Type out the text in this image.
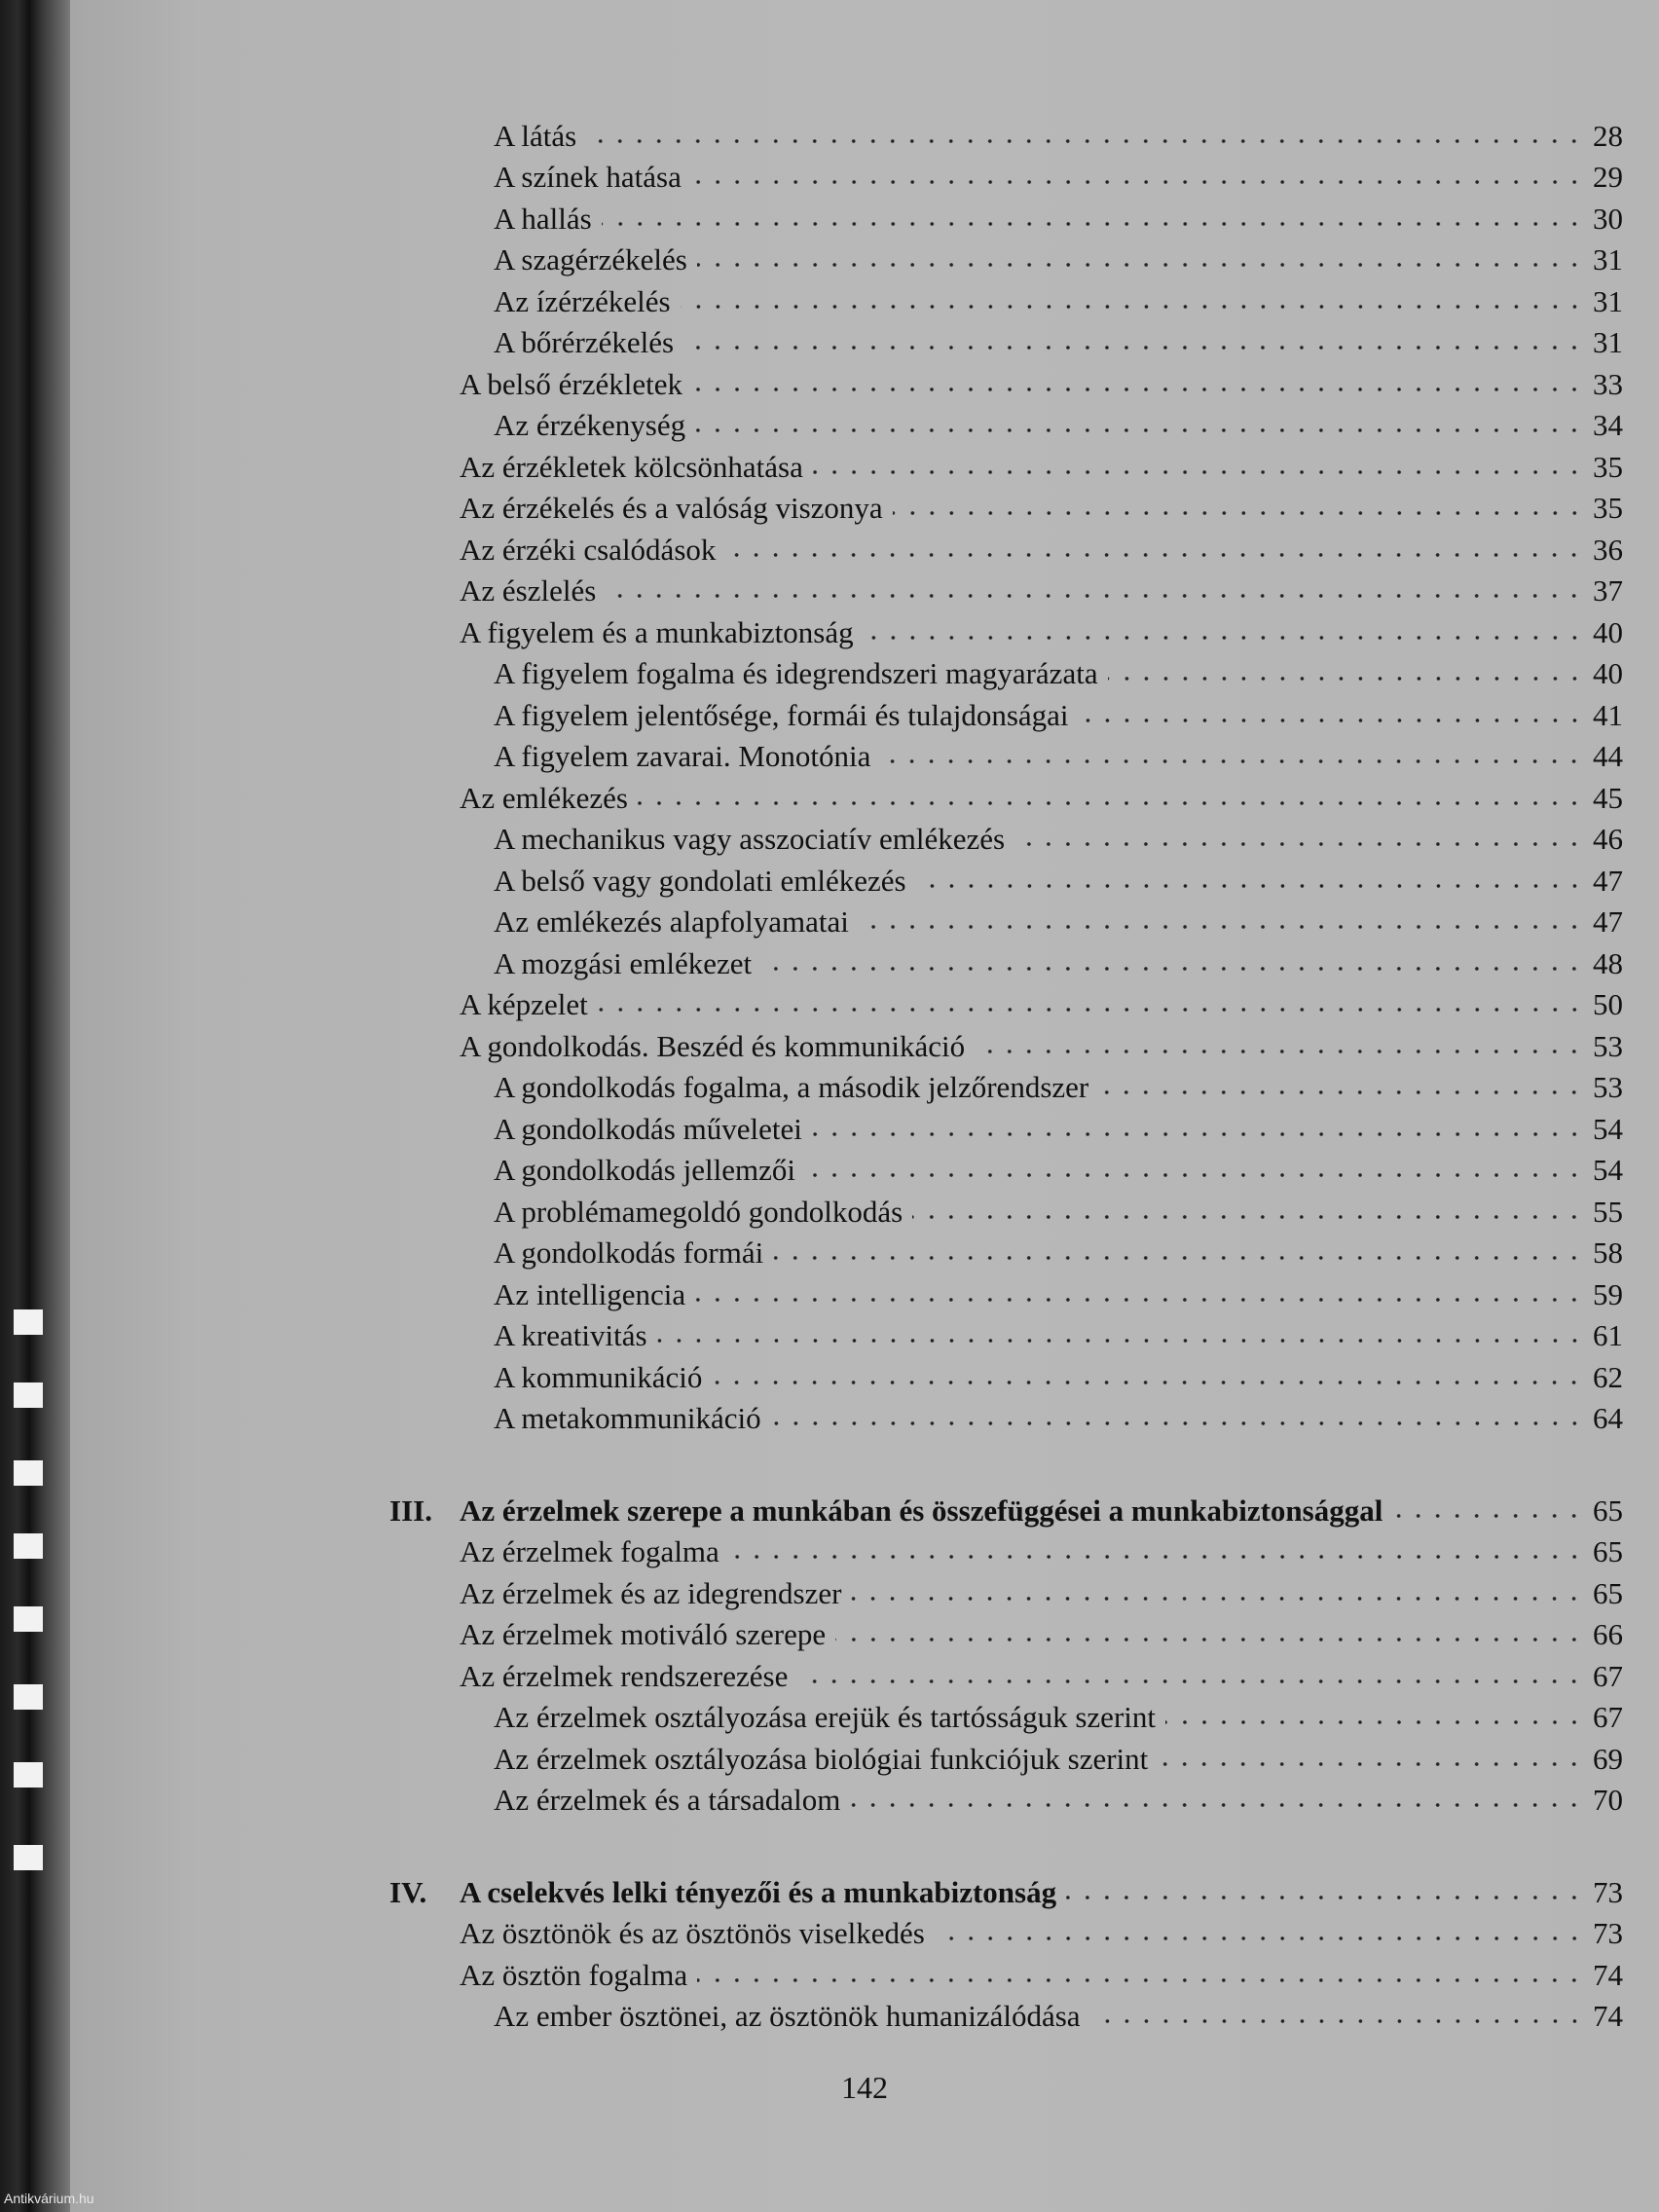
A látás	28
A színek hatása	29
A hallás	30
A szagérzékelés	31
Az ízérzékelés	31
A bőrérzékelés	31
A belső érzékletek	33
Az érzékenység	34
Az érzékletek kölcsönhatása	35
Az érzékelés és a valóság viszonya	35
Az érzéki csalódások	36
Az észlelés	37
A figyelem és a munkabiztonság	40
A figyelem fogalma és idegrendszeri magyarázata	40
A figyelem jelentősége, formái és tulajdonságai	41
A figyelem zavarai. Monotónia	44
Az emlékezés	45
A mechanikus vagy asszociatív emlékezés	46
A belső vagy gondolati emlékezés	47
Az emlékezés alapfolyamatai	47
A mozgási emlékezet	48
A képzelet	50
A gondolkodás. Beszéd és kommunikáció	53
A gondolkodás fogalma, a második jelzőrendszer	53
A gondolkodás műveletei	54
A gondolkodás jellemzői	54
A problémamegoldó gondolkodás	55
A gondolkodás formái	58
Az intelligencia	59
A kreativitás	61
A kommunikáció	62
A metakommunikáció	64
III. Az érzelmek szerepe a munkában és összefüggései a munkabiztonsággal	65
Az érzelmek fogalma	65
Az érzelmek és az idegrendszer	65
Az érzelmek motiváló szerepe	66
Az érzelmek rendszerezése	67
Az érzelmek osztályozása erejük és tartósságuk szerint	67
Az érzelmek osztályozása biológiai funkciójuk szerint	69
Az érzelmek és a társadalom	70
IV.	A cselekvés lelki tényezői és a munkabiztonság	73
Az ösztönök és az ösztönös viselkedés	73
Az ösztön fogalma	74
Az ember ösztönei, az ösztönök humanizálódása	74
142
Antikvárium.hu
